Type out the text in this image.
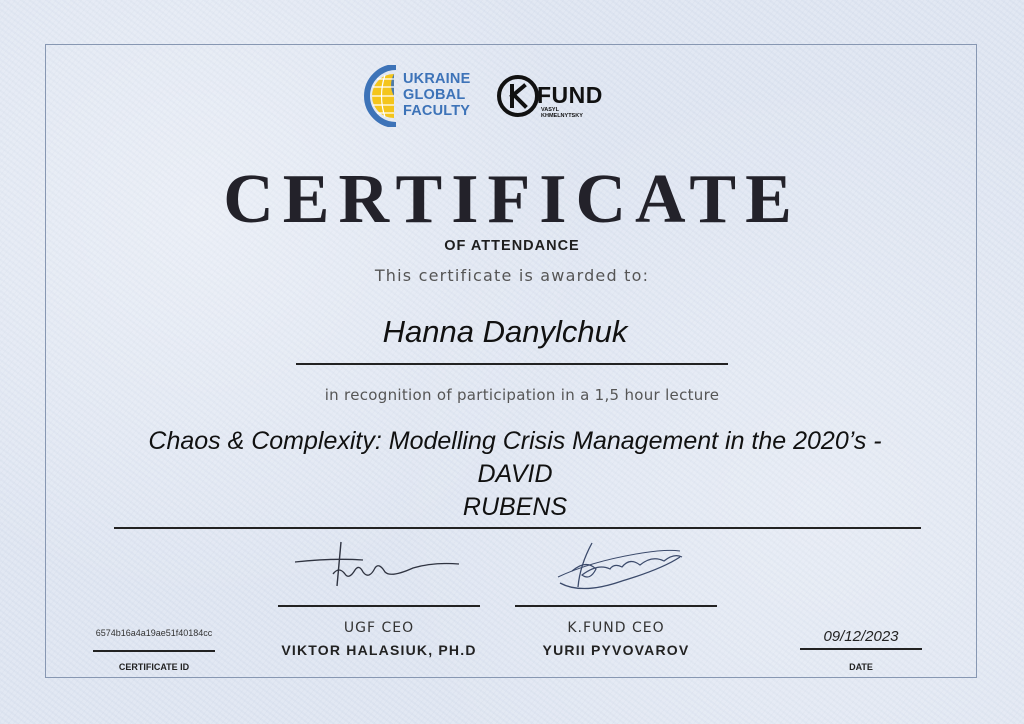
UKRAINE
GLOBAL
FACULTY
FUND
VASYL
KHMELNYTSKY
CERTIFICATE
OF ATTENDANCE
This certificate is awarded to:
Hanna Danylchuk
in recognition of participation in a 1,5 hour lecture
Chaos & Complexity: Modelling Crisis Management in the 2020’s - DAVID
RUBENS
UGF CEO
VIKTOR HALASIUK, PH.D
K.FUND CEO
YURII PYVOVAROV
6574b16a4a19ae51f40184cc
CERTIFICATE ID
09/12/2023
DATE
